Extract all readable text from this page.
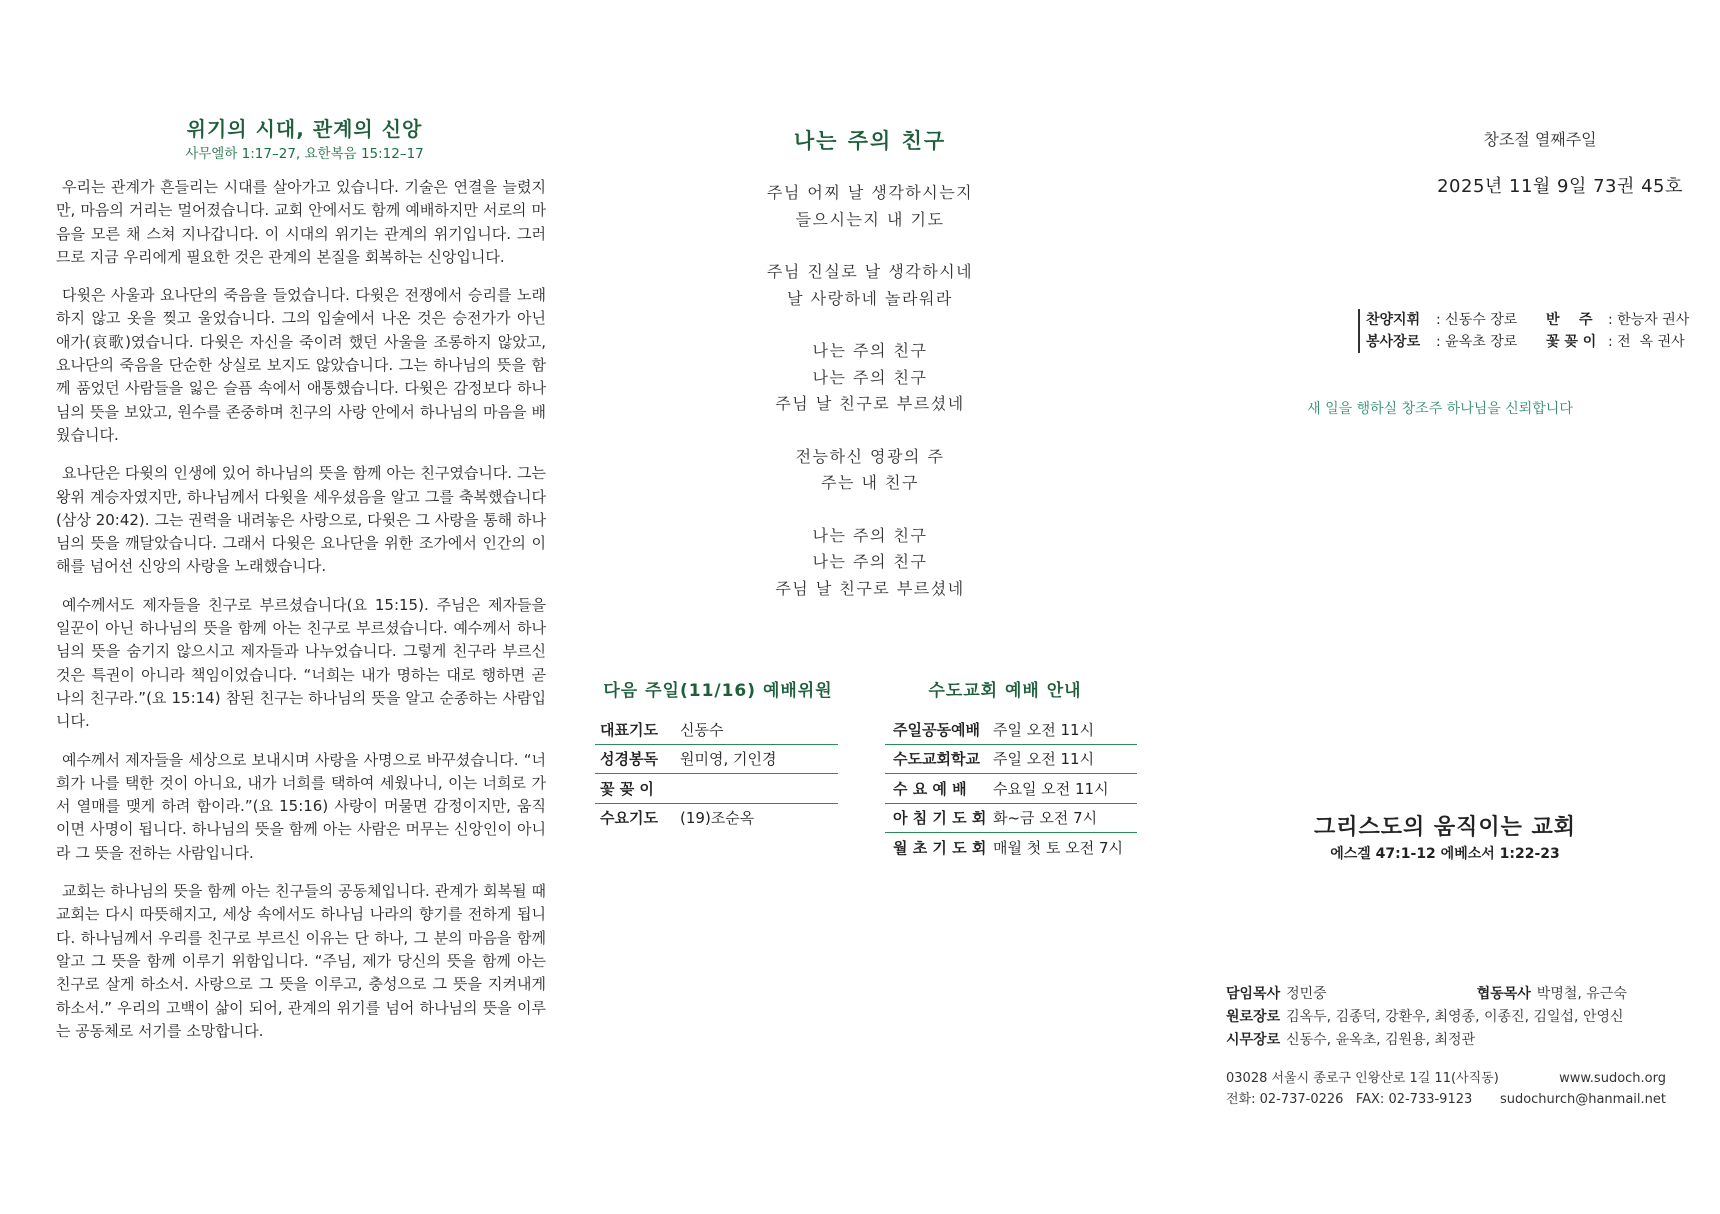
위기의 시대, 관계의 신앙
사무엘하 1:17–27, 요한복음 15:12–17

우리는 관계가 흔들리는 시대를 살아가고 있습니다. 기술은 연결을 늘렸지만, 마음의 거리는 멀어졌습니다. 교회 안에서도 함께 예배하지만 서로의 마음을 모른 채 스쳐 지나갑니다. 이 시대의 위기는 관계의 위기입니다. 그러므로 지금 우리에게 필요한 것은 관계의 본질을 회복하는 신앙입니다.

다윗은 사울과 요나단의 죽음을 들었습니다. 다윗은 전쟁에서 승리를 노래하지 않고 옷을 찢고 울었습니다. 그의 입술에서 나온 것은 승전가가 아닌 애가(哀歌)였습니다. 다윗은 자신을 죽이려 했던 사울을 조롱하지 않았고, 요나단의 죽음을 단순한 상실로 보지도 않았습니다. 그는 하나님의 뜻을 함께 품었던 사람들을 잃은 슬픔 속에서 애통했습니다. 다윗은 감정보다 하나님의 뜻을 보았고, 원수를 존중하며 친구의 사랑 안에서 하나님의 마음을 배웠습니다.

요나단은 다윗의 인생에 있어 하나님의 뜻을 함께 아는 친구였습니다. 그는 왕위 계승자였지만, 하나님께서 다윗을 세우셨음을 알고 그를 축복했습니다(삼상 20:42). 그는 권력을 내려놓은 사랑으로, 다윗은 그 사랑을 통해 하나님의 뜻을 깨달았습니다. 그래서 다윗은 요나단을 위한 조가에서 인간의 이해를 넘어선 신앙의 사랑을 노래했습니다.

예수께서도 제자들을 친구로 부르셨습니다(요 15:15). 주님은 제자들을 일꾼이 아닌 하나님의 뜻을 함께 아는 친구로 부르셨습니다. 예수께서 하나님의 뜻을 숨기지 않으시고 제자들과 나누었습니다. 그렇게 친구라 부르신 것은 특권이 아니라 책임이었습니다. “너희는 내가 명하는 대로 행하면 곧 나의 친구라.”(요 15:14) 참된 친구는 하나님의 뜻을 알고 순종하는 사람입니다.

예수께서 제자들을 세상으로 보내시며 사랑을 사명으로 바꾸셨습니다. “너희가 나를 택한 것이 아니요, 내가 너희를 택하여 세웠나니, 이는 너희로 가서 열매를 맺게 하려 함이라.”(요 15:16) 사랑이 머물면 감정이지만, 움직이면 사명이 됩니다. 하나님의 뜻을 함께 아는 사람은 머무는 신앙인이 아니라 그 뜻을 전하는 사람입니다.

교회는 하나님의 뜻을 함께 아는 친구들의 공동체입니다. 관계가 회복될 때 교회는 다시 따뜻해지고, 세상 속에서도 하나님 나라의 향기를 전하게 됩니다. 하나님께서 우리를 친구로 부르신 이유는 단 하나, 그 분의 마음을 함께 알고 그 뜻을 함께 이루기 위함입니다. “주님, 제가 당신의 뜻을 함께 아는 친구로 살게 하소서. 사랑으로 그 뜻을 이루고, 충성으로 그 뜻을 지켜내게 하소서.” 우리의 고백이 삶이 되어, 관계의 위기를 넘어 하나님의 뜻을 이루는 공동체로 서기를 소망합니다.

나는 주의 친구
주님 어찌 날 생각하시는지
들으시는지 내 기도
주님 진실로 날 생각하시네
날 사랑하네 놀라워라
나는 주의 친구
나는 주의 친구
주님 날 친구로 부르셨네
전능하신 영광의 주
주는 내 친구
나는 주의 친구
나는 주의 친구
주님 날 친구로 부르셨네
다음 주일(11/16) 예배위원
대표기도	신동수
성경봉독	원미영, 기인경
꽃 꽂 이
수요기도	(19)조순옥
수도교회 예배 안내
주일공동예배 주일 오전 11시
수도교회학교 주일 오전 11시
수 요 예 배	수요일 오전 11시
아 침 기 도 회 화~금 오전 7시
월 초 기 도 회 매월 첫 토 오전 7시
창조절 열째주일
2025년 11월 9일 73권 45호
찬양지휘	: 신동수 장로	반    주	: 한능자 권사
봉사장로	: 윤옥초 장로	꽃 꽂 이 : 전  옥 권사
새 일을 행하실 창조주 하나님을 신뢰합니다
그리스도의 움직이는 교회
에스겔 47:1-12 에베소서 1:22-23
담임목사 정민중	협동목사 박명철, 유근숙
원로장로 김옥두, 김종덕, 강환우, 최영종, 이종진, 김일섭, 안영신
시무장로 신동수, 윤옥초, 김원용, 최정관
03028 서울시 종로구 인왕산로 1길 11(사직동)	www.sudoch.org
전화: 02-737-0226   FAX: 02-733-9123 sudochurch@hanmail.net
